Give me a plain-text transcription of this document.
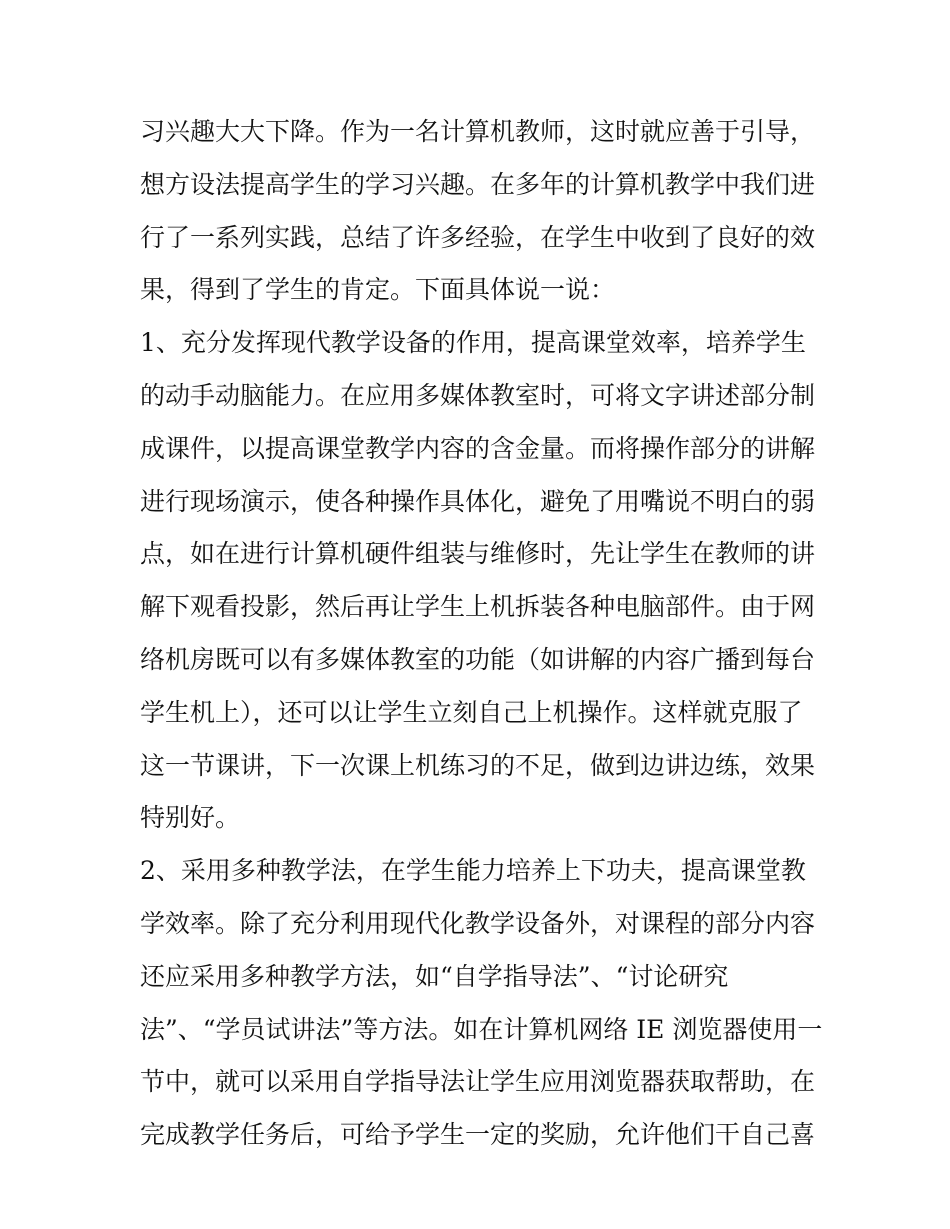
习兴趣大大下降。作为一名计算机教师，这时就应善于引导，
想方设法提高学生的学习兴趣。在多年的计算机教学中我们进
行了一系列实践，总结了许多经验，在学生中收到了良好的效
果，得到了学生的肯定。下面具体说一说：
1、充分发挥现代教学设备的作用，提高课堂效率，培养学生
的动手动脑能力。在应用多媒体教室时，可将文字讲述部分制
成课件，以提高课堂教学内容的含金量。而将操作部分的讲解
进行现场演示，使各种操作具体化，避免了用嘴说不明白的弱
点，如在进行计算机硬件组装与维修时，先让学生在教师的讲
解下观看投影，然后再让学生上机拆装各种电脑部件。由于网
络机房既可以有多媒体教室的功能（如讲解的内容广播到每台
学生机上），还可以让学生立刻自己上机操作。这样就克服了
这一节课讲，下一次课上机练习的不足，做到边讲边练，效果
特别好。
2、采用多种教学法，在学生能力培养上下功夫，提高课堂教
学效率。除了充分利用现代化教学设备外，对课程的部分内容
还应采用多种教学方法，如“自学指导法”、“讨论研究
法”、“学员试讲法”等方法。如在计算机网络 IE 浏览器使用一
节中，就可以采用自学指导法让学生应用浏览器获取帮助，在
完成教学任务后，可给予学生一定的奖励，允许他们干自己喜
